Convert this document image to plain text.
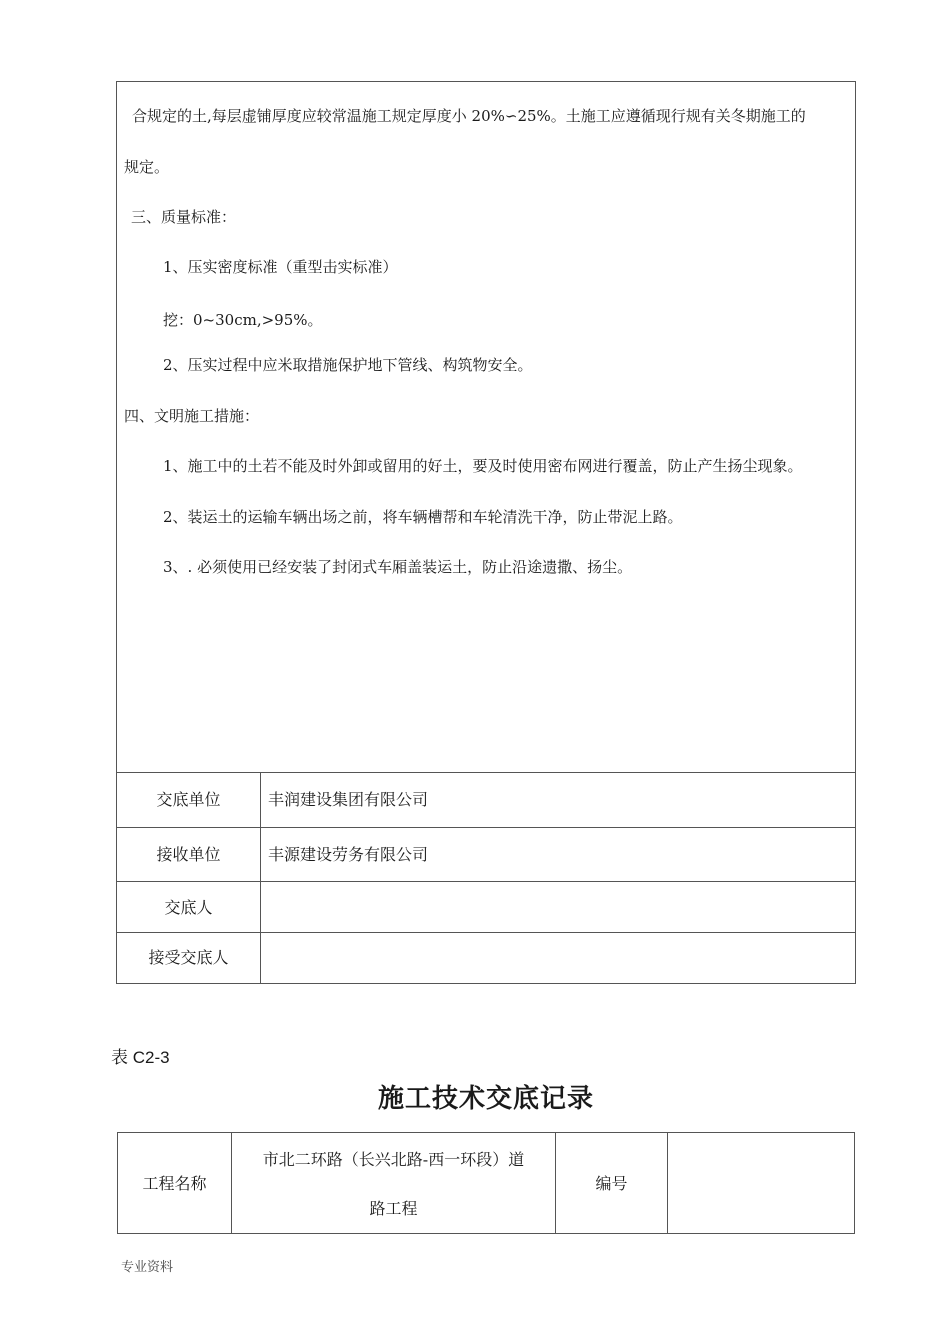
合规定的土,每层虚铺厚度应较常温施工规定厚度小 20%∽25%。土施工应遵循现行规有关冬期施工的
规定。
三、质量标准：
1、压实密度标准（重型击实标准）
挖：0~30cm,>95%。
2、压实过程中应米取措施保护地下管线、构筑物安全。
四、文明施工措施：
1、施工中的土若不能及时外卸或留用的好土，要及时使用密布网进行覆盖，防止产生扬尘现象。
2、装运土的运输车辆出场之前，将车辆槽帮和车轮清洗干净，防止带泥上路。
3、. 必须使用已经安装了封闭式车厢盖装运土，防止沿途遗撒、扬尘。
交底单位	丰润建设集团有限公司
接收单位	丰源建设劳务有限公司
交底人
接受交底人
表 C2-3
施工技术交底记录
工程名称
市北二环路（长兴北路-西一环段）道
路工程
编号
专业资料
